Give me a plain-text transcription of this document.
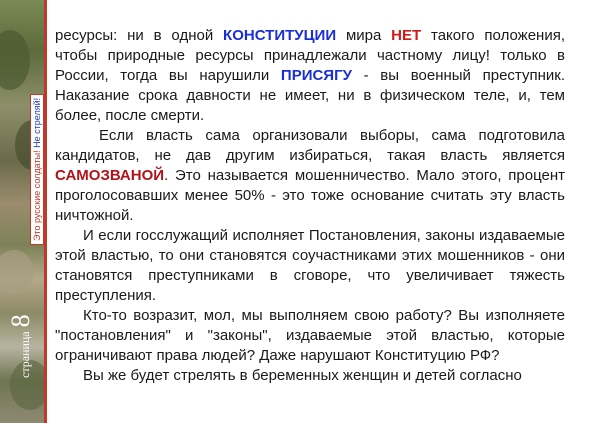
Это русские солдаты! Не стреляй!
страница
8

ресурсы: ни в одной КОНСТИТУЦИИ мира НЕТ такого положения, чтобы природные ресурсы принадлежали частному лицу! только в России, тогда вы нарушили ПРИСЯГУ - вы военный преступник. Наказание срока давности не имеет, ни в физическом теле, и, тем более, после смерти.

Если власть сама организовали выборы, сама подготовила кандидатов, не дав другим избираться, такая власть является САМОЗВАНОЙ. Это называется мошенничество. Мало этого, процент проголосовавших менее 50% - это тоже основание считать эту власть ничтожной.

И если госслужащий исполняет Постановления, законы издаваемые этой властью, то они становятся соучастниками этих мошенников - они становятся преступниками в сговоре, что увеличивает тяжесть преступления.

Кто-то возразит, мол, мы выполняем свою работу? Вы изполняете "постановления" и "законы", издаваемые этой властью, которые ограничивают права людей? Даже нарушают Конституцию РФ?

Вы же будет стрелять в беременных женщин и детей согласно
